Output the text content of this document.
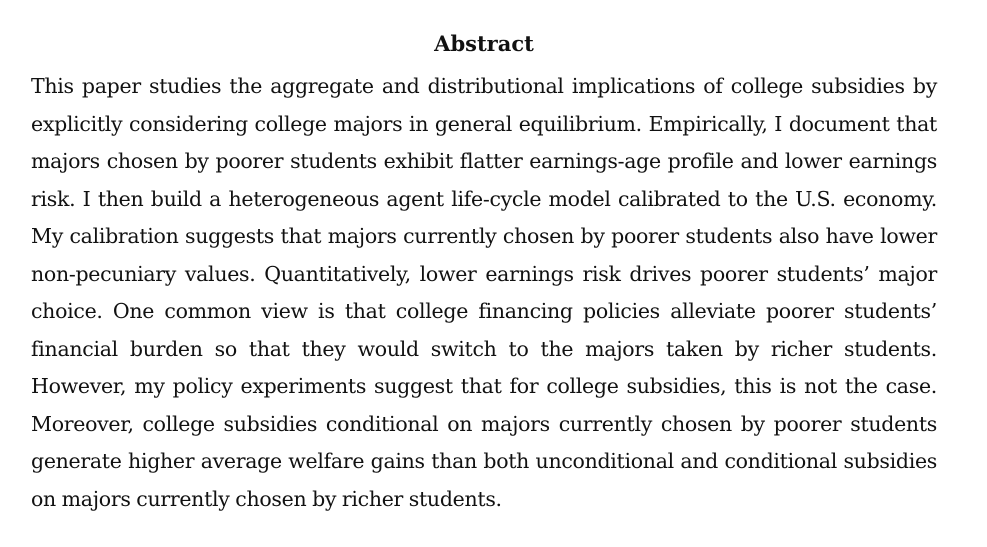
Abstract

This paper studies the aggregate and distributional implications of college subsidies by explicitly considering college majors in general equilibrium. Empirically, I document that majors chosen by poorer students exhibit flatter earnings-age profile and lower earnings risk. I then build a heterogeneous agent life-cycle model calibrated to the U.S. economy. My calibration suggests that majors currently chosen by poorer students also have lower non-pecuniary values. Quantitatively, lower earnings risk drives poorer students’ major choice. One common view is that college financing policies alleviate poorer students’ financial burden so that they would switch to the majors taken by richer students. However, my policy experiments suggest that for college subsidies, this is not the case. Moreover, college subsidies conditional on majors currently chosen by poorer students generate higher average welfare gains than both unconditional and conditional subsidies on majors currently chosen by richer students.
